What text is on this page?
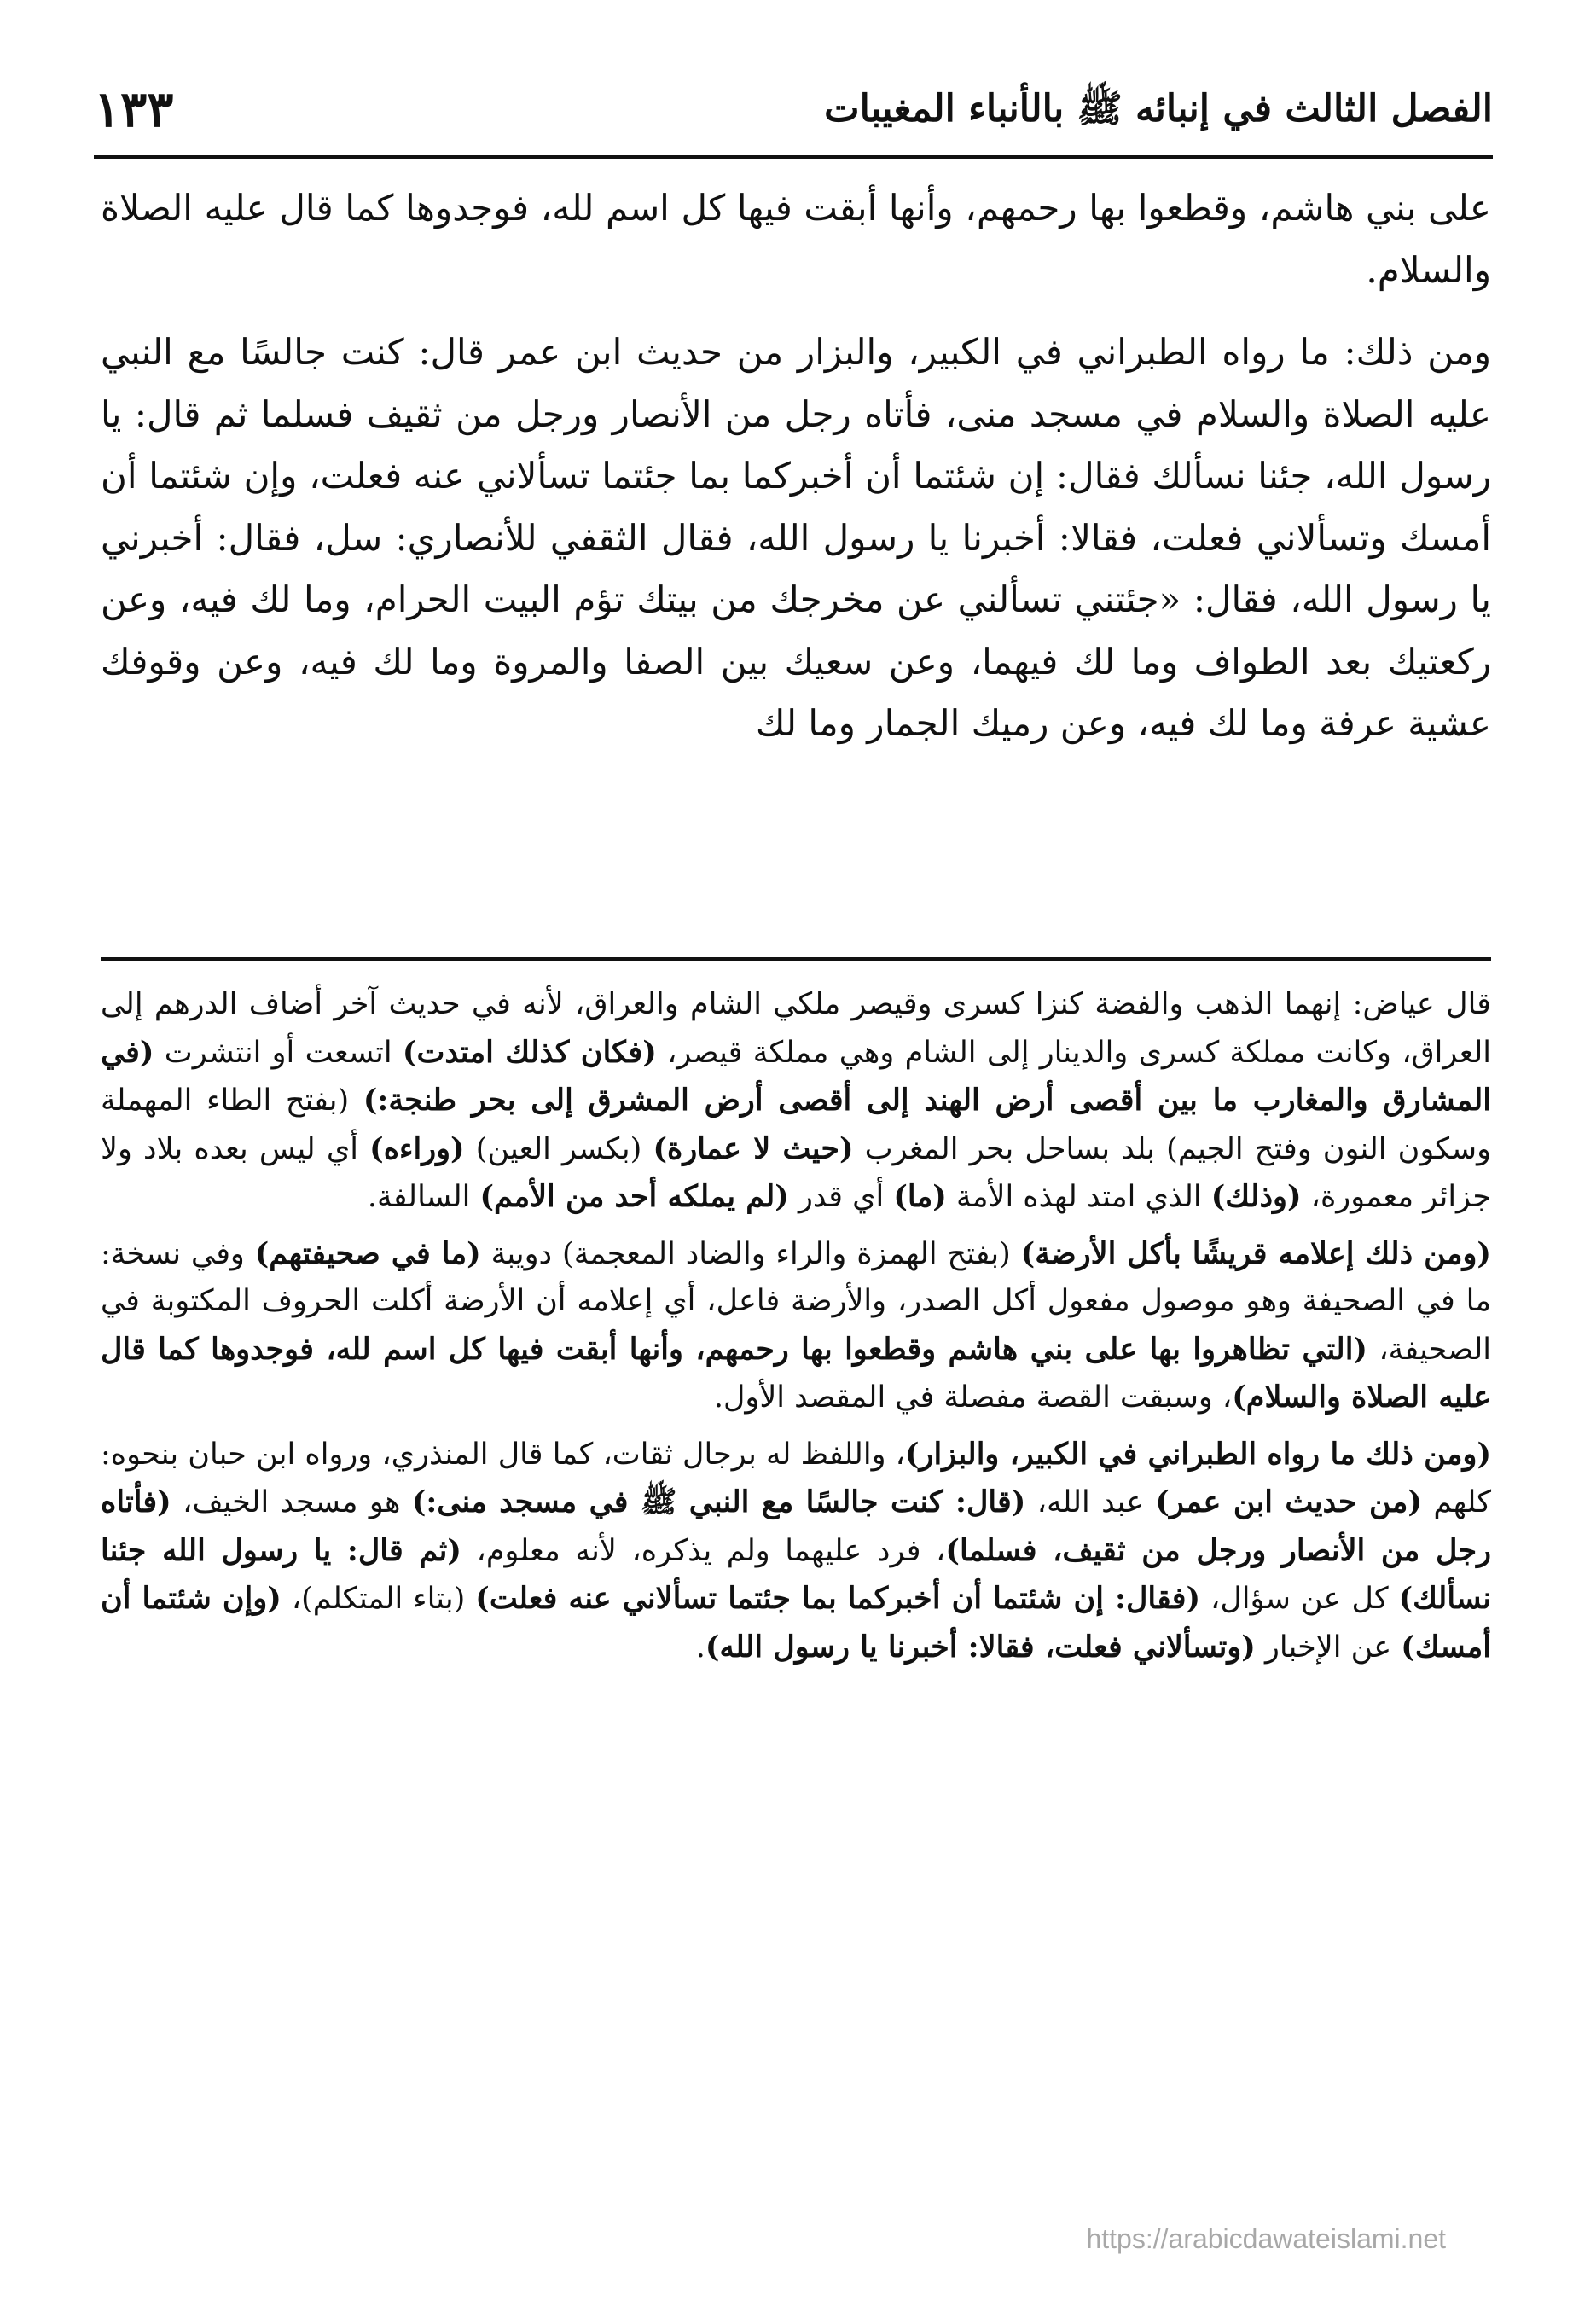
الفصل الثالث في إنبائه ﷺ بالأنباء المغيبات
١٣٣

على بني هاشم، وقطعوا بها رحمهم، وأنها أبقت فيها كل اسم لله، فوجدوها كما قال عليه الصلاة والسلام.

ومن ذلك: ما رواه الطبراني في الكبير، والبزار من حديث ابن عمر قال: كنت جالسًا مع النبي عليه الصلاة والسلام في مسجد منى، فأتاه رجل من الأنصار ورجل من ثقيف فسلما ثم قال: يا رسول الله، جئنا نسألك فقال: إن شئتما أن أخبركما بما جئتما تسألاني عنه فعلت، وإن شئتما أن أمسك وتسألاني فعلت، فقالا: أخبرنا يا رسول الله، فقال الثقفي للأنصاري: سل، فقال: أخبرني يا رسول الله، فقال: «جئتني تسألني عن مخرجك من بيتك تؤم البيت الحرام، وما لك فيه، وعن ركعتيك بعد الطواف وما لك فيهما، وعن سعيك بين الصفا والمروة وما لك فيه، وعن وقوفك عشية عرفة وما لك فيه، وعن رميك الجمار وما لك

قال عياض: إنهما الذهب والفضة كنزا كسرى وقيصر ملكي الشام والعراق، لأنه في حديث آخر أضاف الدرهم إلى العراق، وكانت مملكة كسرى والدينار إلى الشام وهي مملكة قيصر، (فكان كذلك امتدت) اتسعت أو انتشرت (في المشارق والمغارب ما بين أقصى أرض الهند إلى أقصى أرض المشرق إلى بحر طنجة:) (بفتح الطاء المهملة وسكون النون وفتح الجيم) بلد بساحل بحر المغرب (حيث لا عمارة) (بكسر العين) (وراءه) أي ليس بعده بلاد ولا جزائر معمورة، (وذلك) الذي امتد لهذه الأمة (ما) أي قدر (لم يملكه أحد من الأمم) السالفة.

(ومن ذلك إعلامه قريشًا بأكل الأرضة) (بفتح الهمزة والراء والضاد المعجمة) دويبة (ما في صحيفتهم) وفي نسخة: ما في الصحيفة وهو موصول مفعول أكل الصدر، والأرضة فاعل، أي إعلامه أن الأرضة أكلت الحروف المكتوبة في الصحيفة، (التي تظاهروا بها على بني هاشم وقطعوا بها رحمهم، وأنها أبقت فيها كل اسم لله، فوجدوها كما قال عليه الصلاة والسلام)، وسبقت القصة مفصلة في المقصد الأول.

(ومن ذلك ما رواه الطبراني في الكبير، والبزار)، واللفظ له برجال ثقات، كما قال المنذري، ورواه ابن حبان بنحوه: كلهم (من حديث ابن عمر) عبد الله، (قال: كنت جالسًا مع النبي ﷺ في مسجد منى:) هو مسجد الخيف، (فأتاه رجل من الأنصار ورجل من ثقيف، فسلما)، فرد عليهما ولم يذكره، لأنه معلوم، (ثم قال: يا رسول الله جئنا نسألك) كل عن سؤال، (فقال: إن شئتما أن أخبركما بما جئتما تسألاني عنه فعلت) (بتاء المتكلم)، (وإن شئتما أن أمسك) عن الإخبار (وتسألاني فعلت، فقالا: أخبرنا يا رسول الله).

https://arabicdawateislami.net
